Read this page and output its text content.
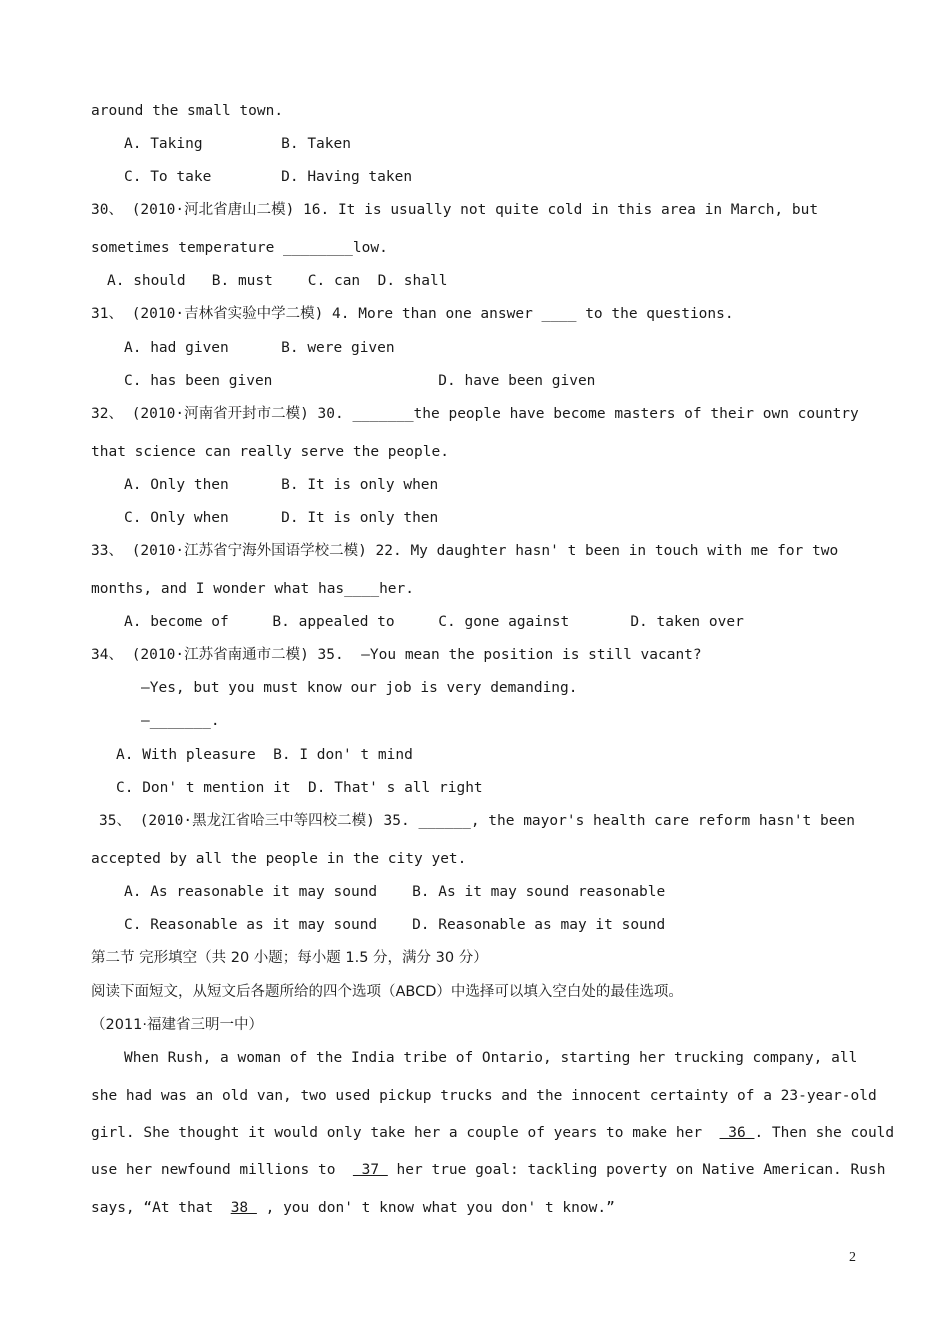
around the small town.
A. Taking         B. Taken
C. To take        D. Having taken
30、 (2010·河北省唐山二模) 16. It is usually not quite cold in this area in March, but
sometimes temperature ________low.
A. should   B. must    C. can  D. shall
31、 (2010·吉林省实验中学二模) 4. More than one answer ____ to the questions.
A. had given      B. were given
C. has been given                   D. have been given
32、 (2010·河南省开封市二模) 30. _______the people have become masters of their own country
that science can really serve the people.
A. Only then      B. It is only when
C. Only when      D. It is only then
33、 (2010·江苏省宁海外国语学校二模) 22. My daughter hasn' t been in touch with me for two
months, and I wonder what has____her.
A. become of     B. appealed to     C. gone against       D. taken over
34、 (2010·江苏省南通市二模) 35.  —You mean the position is still vacant?
—Yes, but you must know our job is very demanding.
—_______.
A. With pleasure  B. I don' t mind
C. Don' t mention it  D. That' s all right
35、 (2010·黑龙江省哈三中等四校二模) 35. ______, the mayor's health care reform hasn't been
accepted by all the people in the city yet.
A. As reasonable it may sound    B. As it may sound reasonable
C. Reasonable as it may sound    D. Reasonable as may it sound
第二节 完形填空（共 20 小题；每小题 1.5 分，满分 30 分）
阅读下面短文，从短文后各题所给的四个选项（ABCD）中选择可以填入空白处的最佳选项。
（2011·福建省三明一中）
When Rush, a woman of the India tribe of Ontario, starting her trucking company, all
she had was an old van, two used pickup trucks and the innocent certainty of a 23-year-old
girl. She thought it would only take her a couple of years to make her   36 . Then she could
use her newfound millions to   37  her true goal: tackling poverty on Native American. Rush
says, “At that  38  , you don' t know what you don' t know.”
2
